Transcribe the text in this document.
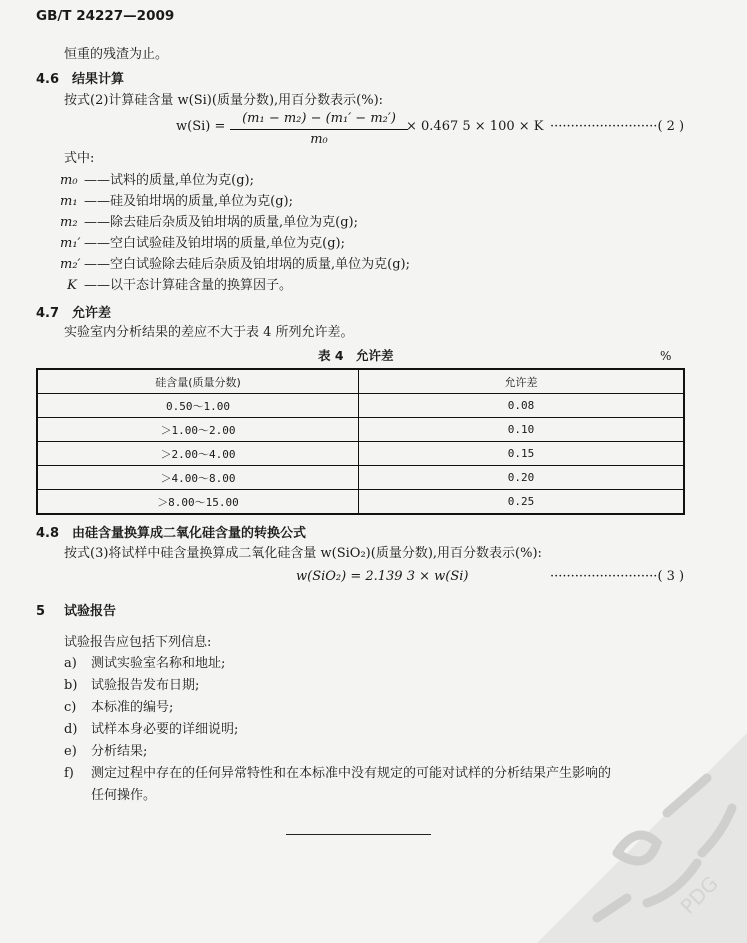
GB/T 24227—2009
恒重的残渣为止。
4.6 结果计算
按式(2)计算硅含量 w(Si)(质量分数),用百分数表示(%):
w(Si) =
(m₁ − m₂) − (m₁′ − m₂′)
m₀
× 0.467 5 × 100 × K ··························( 2 )
式中:
m₀ ——试料的质量,单位为克(g);
m₁ ——硅及铂坩埚的质量,单位为克(g);
m₂ ——除去硅后杂质及铂坩埚的质量,单位为克(g);
m₁′ ——空白试验硅及铂坩埚的质量,单位为克(g);
m₂′ ——空白试验除去硅后杂质及铂坩埚的质量,单位为克(g);
K ——以干态计算硅含量的换算因子。
4.7 允许差
实验室内分析结果的差应不大于表 4 所列允许差。
表 4　允许差	%
硅含量(质量分数)	允许差
0.50～1.00	0.08
＞1.00～2.00	0.10
＞2.00～4.00	0.15
＞4.00～8.00	0.20
＞8.00～15.00	0.25
4.8 由硅含量换算成二氧化硅含量的转换公式
按式(3)将试样中硅含量换算成二氧化硅含量 w(SiO₂)(质量分数),用百分数表示(%):
w(SiO₂) = 2.139 3 × w(Si)	··························( 3 )
5 试验报告
试验报告应包括下列信息:
a) 测试实验室名称和地址;
b) 试验报告发布日期;
c) 本标准的编号;
d) 试样本身必要的详细说明;
e) 分析结果;
f) 测定过程中存在的任何异常特性和在本标准中没有规定的可能对试样的分析结果产生影响的
任何操作。
PDG
